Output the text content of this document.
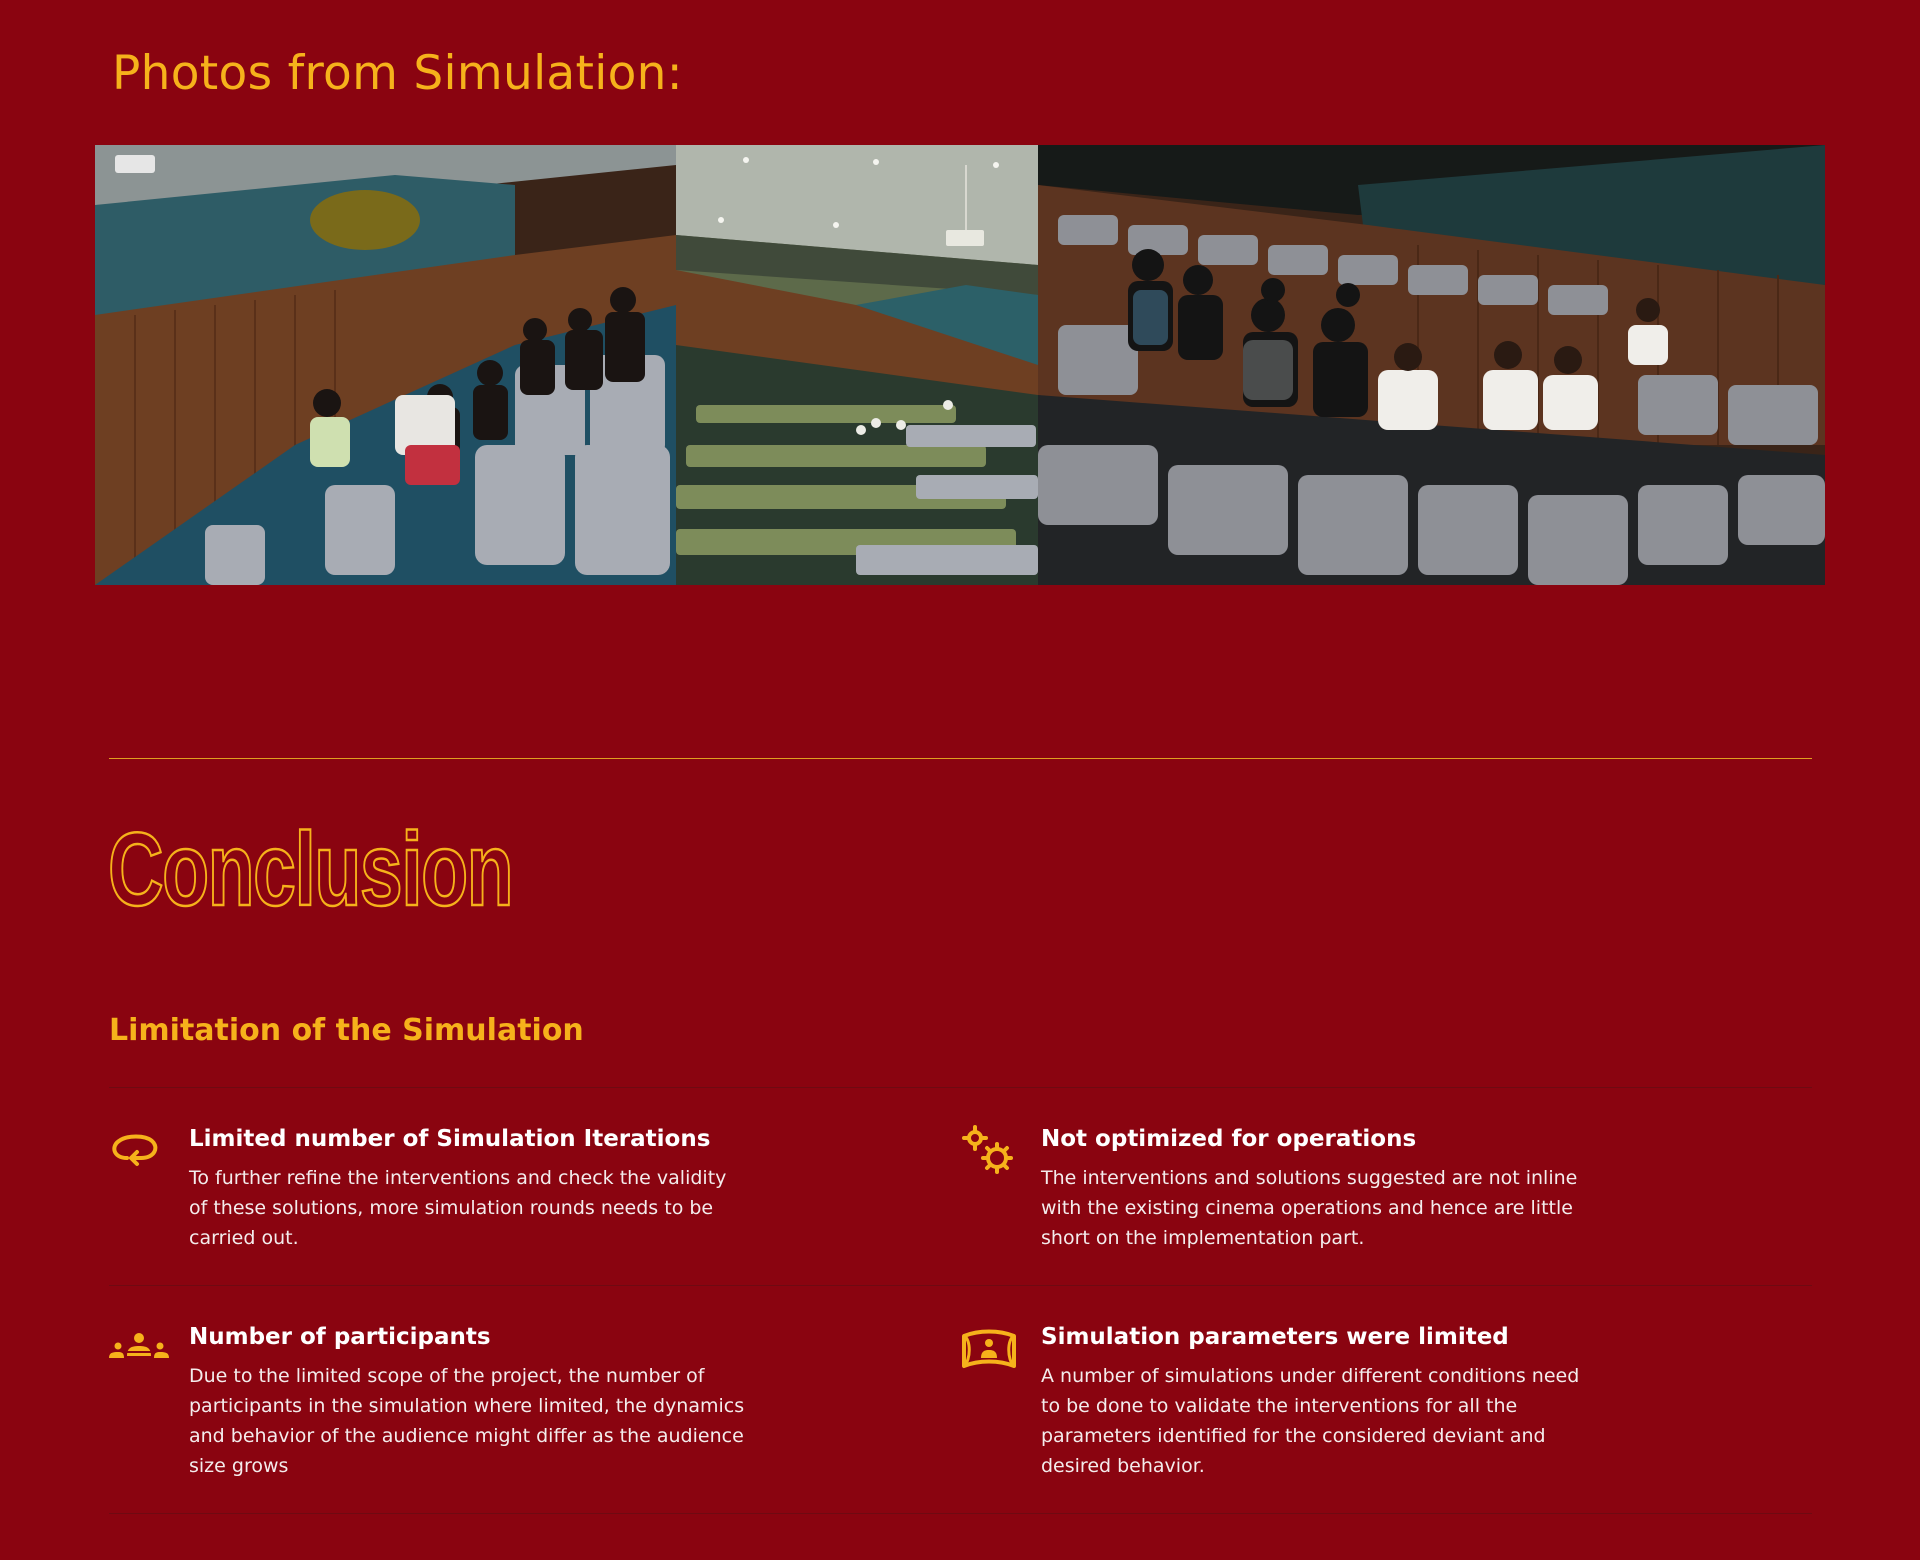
Photos from Simulation:
Conclusion
Limitation of the Simulation
Limited number of Simulation Iterations

To further refine the interventions and check the validity of these solutions, more simulation rounds needs to be carried out.

Not optimized for operations

The interventions and solutions suggested are not inline with the existing cinema operations and hence are little short on the implementation part.

Number of participants

Due to the limited scope of the project, the number of participants in the simulation where limited, the dynamics and behavior of the audience might differ as the audience size grows

Simulation parameters were limited

A number of simulations under different conditions need to be done to validate the interventions for all the parameters identified for the considered deviant and desired behavior.
